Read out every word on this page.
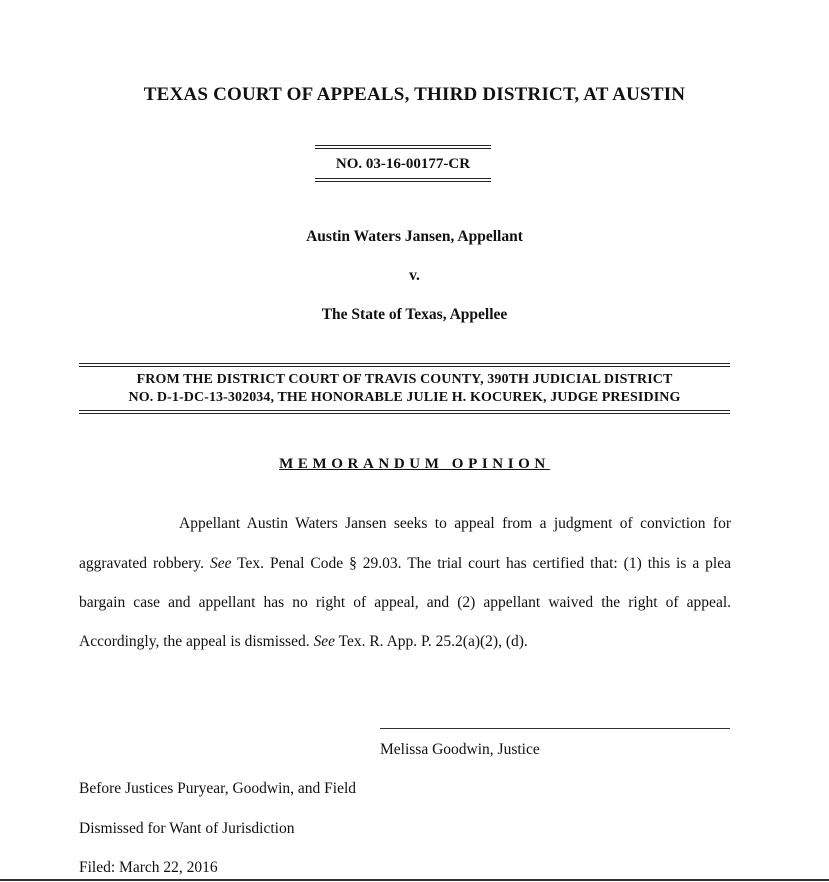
TEXAS COURT OF APPEALS, THIRD DISTRICT, AT AUSTIN
NO. 03-16-00177-CR
Austin Waters Jansen, Appellant
v.
The State of Texas, Appellee
FROM THE DISTRICT COURT OF TRAVIS COUNTY, 390TH JUDICIAL DISTRICT
NO. D-1-DC-13-302034, THE HONORABLE JULIE H. KOCUREK, JUDGE PRESIDING
MEMORANDUM OPINION
Appellant Austin Waters Jansen seeks to appeal from a judgment of conviction for
aggravated robbery. See Tex. Penal Code § 29.03. The trial court has certified that: (1) this is a plea
bargain case and appellant has no right of appeal, and (2) appellant waived the right of appeal.
Accordingly, the appeal is dismissed. See Tex. R. App. P. 25.2(a)(2), (d).
Melissa Goodwin, Justice
Before Justices Puryear, Goodwin, and Field
Dismissed for Want of Jurisdiction
Filed: March 22, 2016
